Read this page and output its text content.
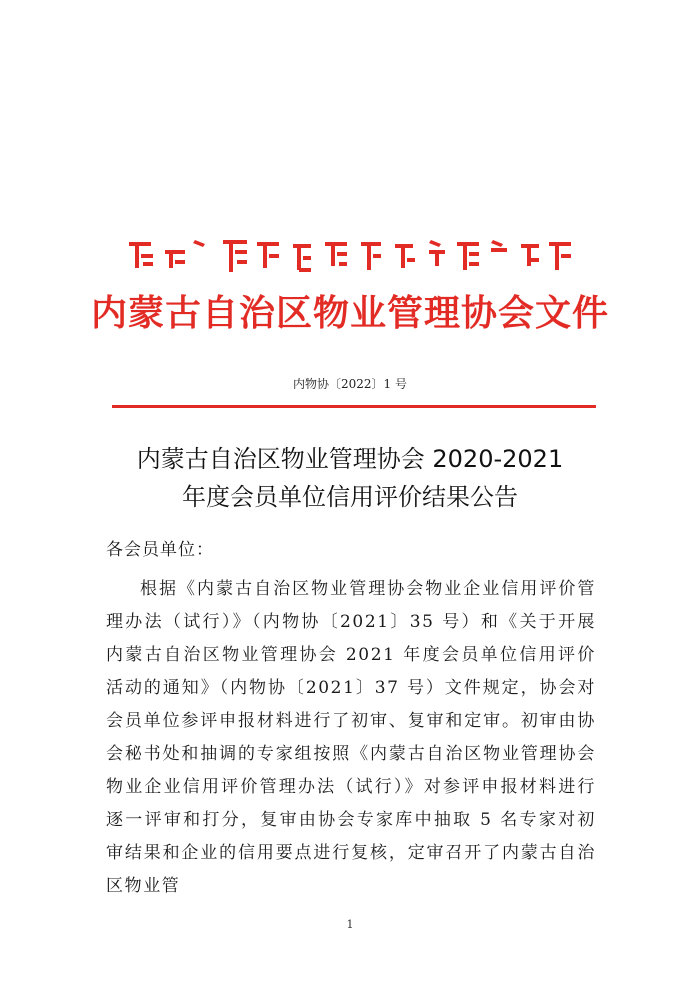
内蒙古自治区物业管理协会文件
内物协〔2022〕1 号
内蒙古自治区物业管理协会 2020-2021
年度会员单位信用评价结果公告
各会员单位：
根据《内蒙古自治区物业管理协会物业企业信用评价管理办法（试行）》（内物协〔2021〕35 号）和《关于开展内蒙古自治区物业管理协会 2021 年度会员单位信用评价活动的通知》（内物协〔2021〕37 号）文件规定，协会对会员单位参评申报材料进行了初审、复审和定审。初审由协会秘书处和抽调的专家组按照《内蒙古自治区物业管理协会物业企业信用评价管理办法（试行）》对参评申报材料进行逐一评审和打分，复审由协会专家库中抽取 5 名专家对初审结果和企业的信用要点进行复核，定审召开了内蒙古自治区物业管
1
